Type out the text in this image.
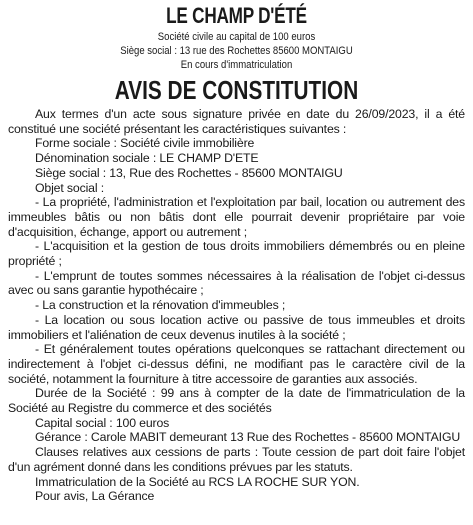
LE CHAMP D'ÉTÉ
Société civile au capital de 100 euros
Siège social : 13 rue des Rochettes 85600 MONTAIGU
En cours d'immatriculation
AVIS DE CONSTITUTION

Aux termes d'un acte sous signature privée en date du 26/09/2023, il a été constitué une société présentant les caractéristiques suivantes :

Forme sociale : Société civile immobilière

Dénomination sociale : LE CHAMP D'ETE

Siège social : 13, Rue des Rochettes - 85600 MONTAIGU

Objet social :

- La propriété, l'administration et l'exploitation par bail, location ou autrement des immeubles bâtis ou non bâtis dont elle pourrait devenir propriétaire par voie d'acquisition, échange, apport ou autrement ;

- L'acquisition et la gestion de tous droits immobiliers démembrés ou en pleine propriété ;

- L'emprunt de toutes sommes nécessaires à la réalisation de l'objet ci-dessus avec ou sans garantie hypothécaire ;

- La construction et la rénovation d'immeubles ;

- La location ou sous location active ou passive de tous immeubles et droits immobiliers et l'aliénation de ceux devenus inutiles à la société ;

- Et généralement toutes opérations quelconques se rattachant directement ou indirectement à l'objet ci-dessus défini, ne modifiant pas le caractère civil de la société, notamment la fourniture à titre accessoire de garanties aux associés.

Durée de la Société : 99 ans à compter de la date de l'immatriculation de la Société au Registre du commerce et des sociétés

Capital social : 100 euros

Gérance : Carole MABIT demeurant 13 Rue des Rochettes - 85600 MONTAIGU

Clauses relatives aux cessions de parts : Toute cession de part doit faire l'objet d'un agrément donné dans les conditions prévues par les statuts.

Immatriculation de la Société au RCS LA ROCHE SUR YON.

Pour avis, La Gérance
